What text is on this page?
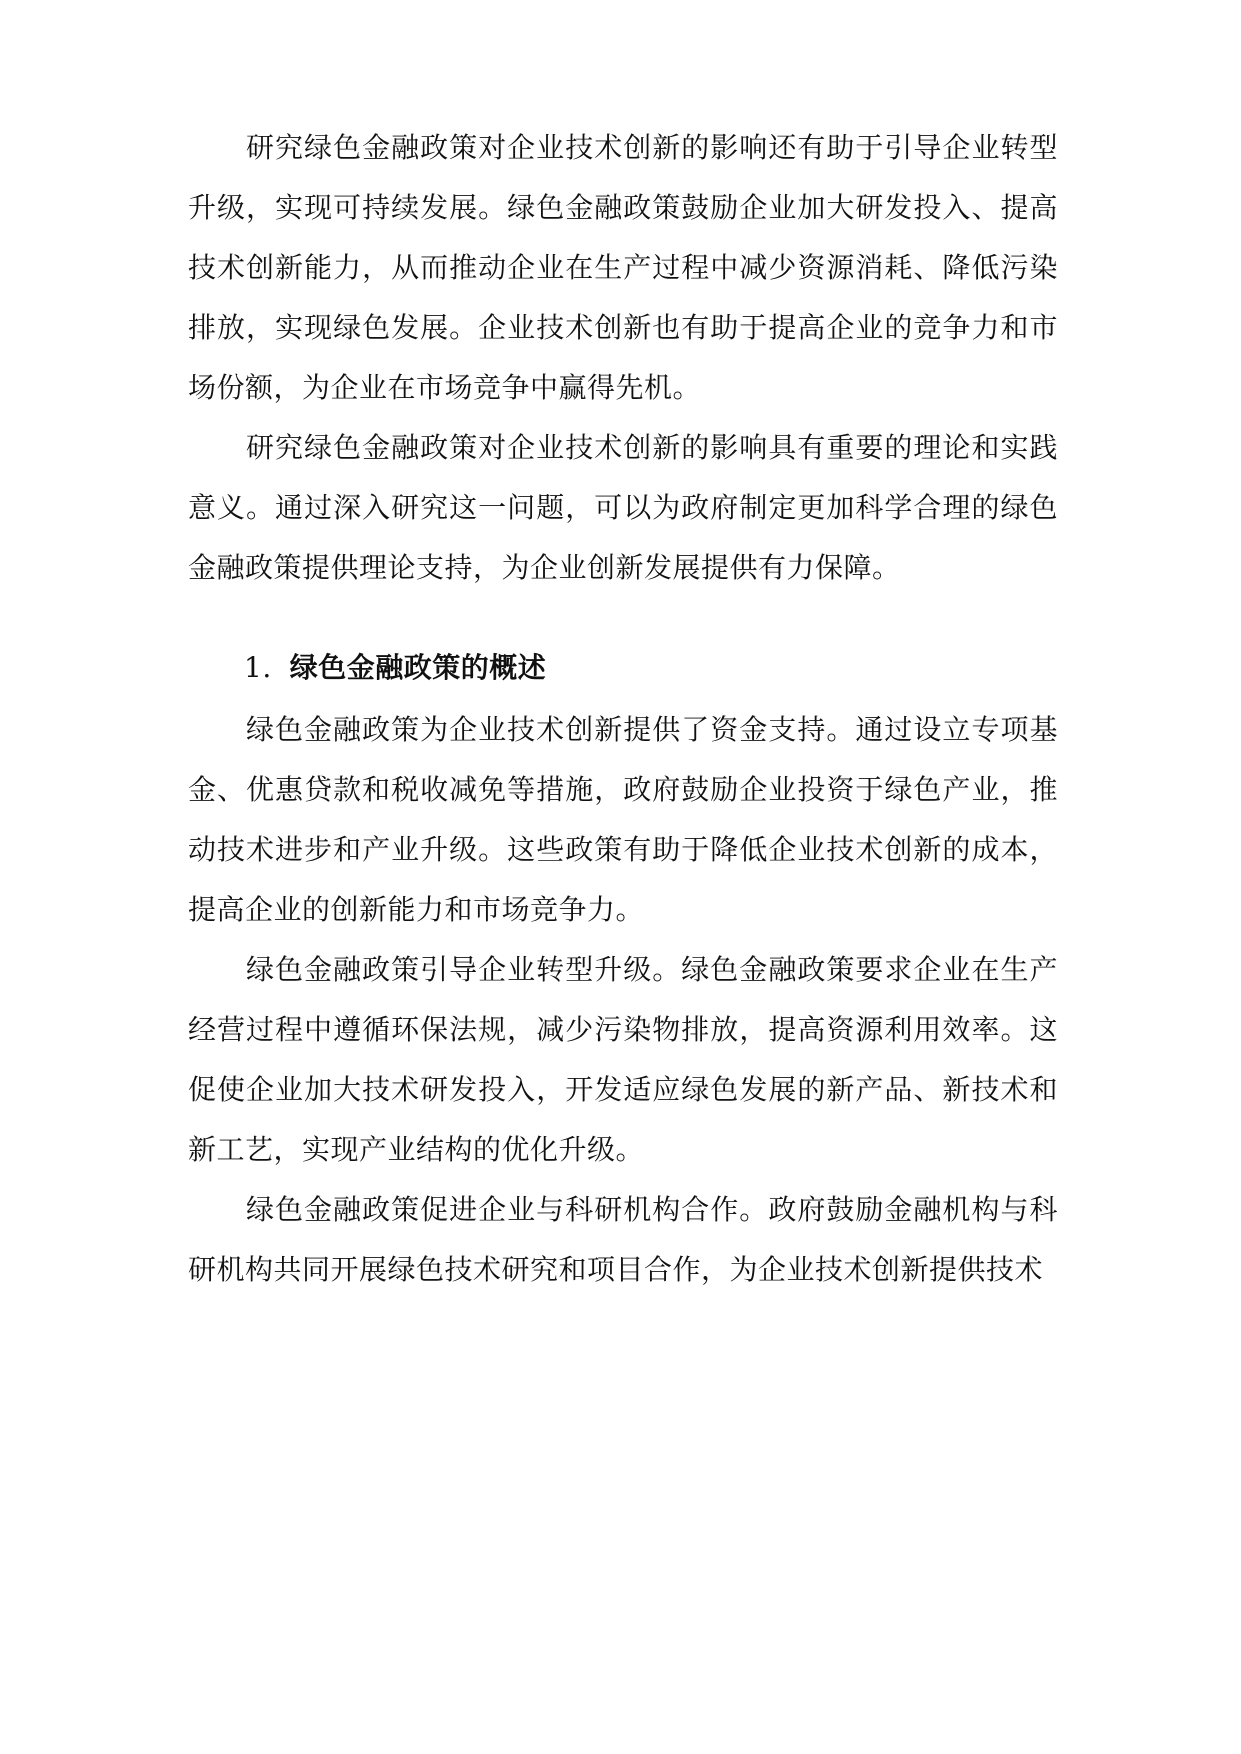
研究绿色金融政策对企业技术创新的影响还有助于引导企业转型升级，实现可持续发展。绿色金融政策鼓励企业加大研发投入、提高技术创新能力，从而推动企业在生产过程中减少资源消耗、降低污染排放，实现绿色发展。企业技术创新也有助于提高企业的竞争力和市场份额，为企业在市场竞争中赢得先机。

研究绿色金融政策对企业技术创新的影响具有重要的理论和实践意义。通过深入研究这一问题，可以为政府制定更加科学合理的绿色金融政策提供理论支持，为企业创新发展提供有力保障。

1. 绿色金融政策的概述

绿色金融政策为企业技术创新提供了资金支持。通过设立专项基金、优惠贷款和税收减免等措施，政府鼓励企业投资于绿色产业，推动技术进步和产业升级。这些政策有助于降低企业技术创新的成本，提高企业的创新能力和市场竞争力。

绿色金融政策引导企业转型升级。绿色金融政策要求企业在生产经营过程中遵循环保法规，减少污染物排放，提高资源利用效率。这促使企业加大技术研发投入，开发适应绿色发展的新产品、新技术和新工艺，实现产业结构的优化升级。

绿色金融政策促进企业与科研机构合作。政府鼓励金融机构与科研机构共同开展绿色技术研究和项目合作，为企业技术创新提供技术
